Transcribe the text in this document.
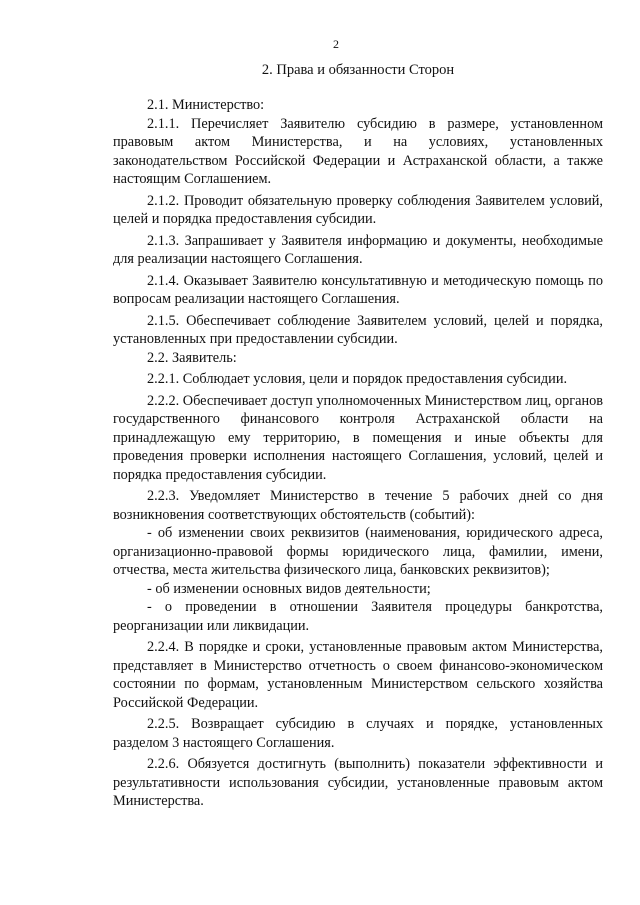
2
2. Права и обязанности Сторон

2.1. Министерство:

2.1.1. Перечисляет Заявителю субсидию в размере, установленном правовым актом Министерства, и на условиях, установленных законодательством Российской Федерации и Астраханской области, а также настоящим Соглашением.

2.1.2. Проводит обязательную проверку соблюдения Заявителем условий, целей и порядка предоставления субсидии.

2.1.3. Запрашивает у Заявителя информацию и документы, необходимые для реализации настоящего Соглашения.

2.1.4. Оказывает Заявителю консультативную и методическую помощь по вопросам реализации настоящего Соглашения.

2.1.5. Обеспечивает соблюдение Заявителем условий, целей и порядка, установленных при предоставлении субсидии.

2.2. Заявитель:

2.2.1. Соблюдает условия, цели и порядок предоставления субсидии.

2.2.2. Обеспечивает доступ уполномоченных Министерством лиц, органов государственного финансового контроля Астраханской области на принадлежащую ему территорию, в помещения и иные объекты для проведения проверки исполнения настоящего Соглашения, условий, целей и порядка предоставления субсидии.

2.2.3. Уведомляет Министерство в течение 5 рабочих дней со дня возникновения соответствующих обстоятельств (событий):

- об изменении своих реквизитов (наименования, юридического адреса, организационно-правовой формы юридического лица, фамилии, имени, отчества, места жительства физического лица, банковских реквизитов);

- об изменении основных видов деятельности;

- о проведении в отношении Заявителя процедуры банкротства, реорганизации или ликвидации.

2.2.4. В порядке и сроки, установленные правовым актом Министерства, представляет в Министерство отчетность о своем финансово-экономическом состоянии по формам, установленным Министерством сельского хозяйства Российской Федерации.

2.2.5. Возвращает субсидию в случаях и порядке, установленных разделом 3 настоящего Соглашения.

2.2.6. Обязуется достигнуть (выполнить) показатели эффективности и результативности использования субсидии, установленные правовым актом Министерства.
